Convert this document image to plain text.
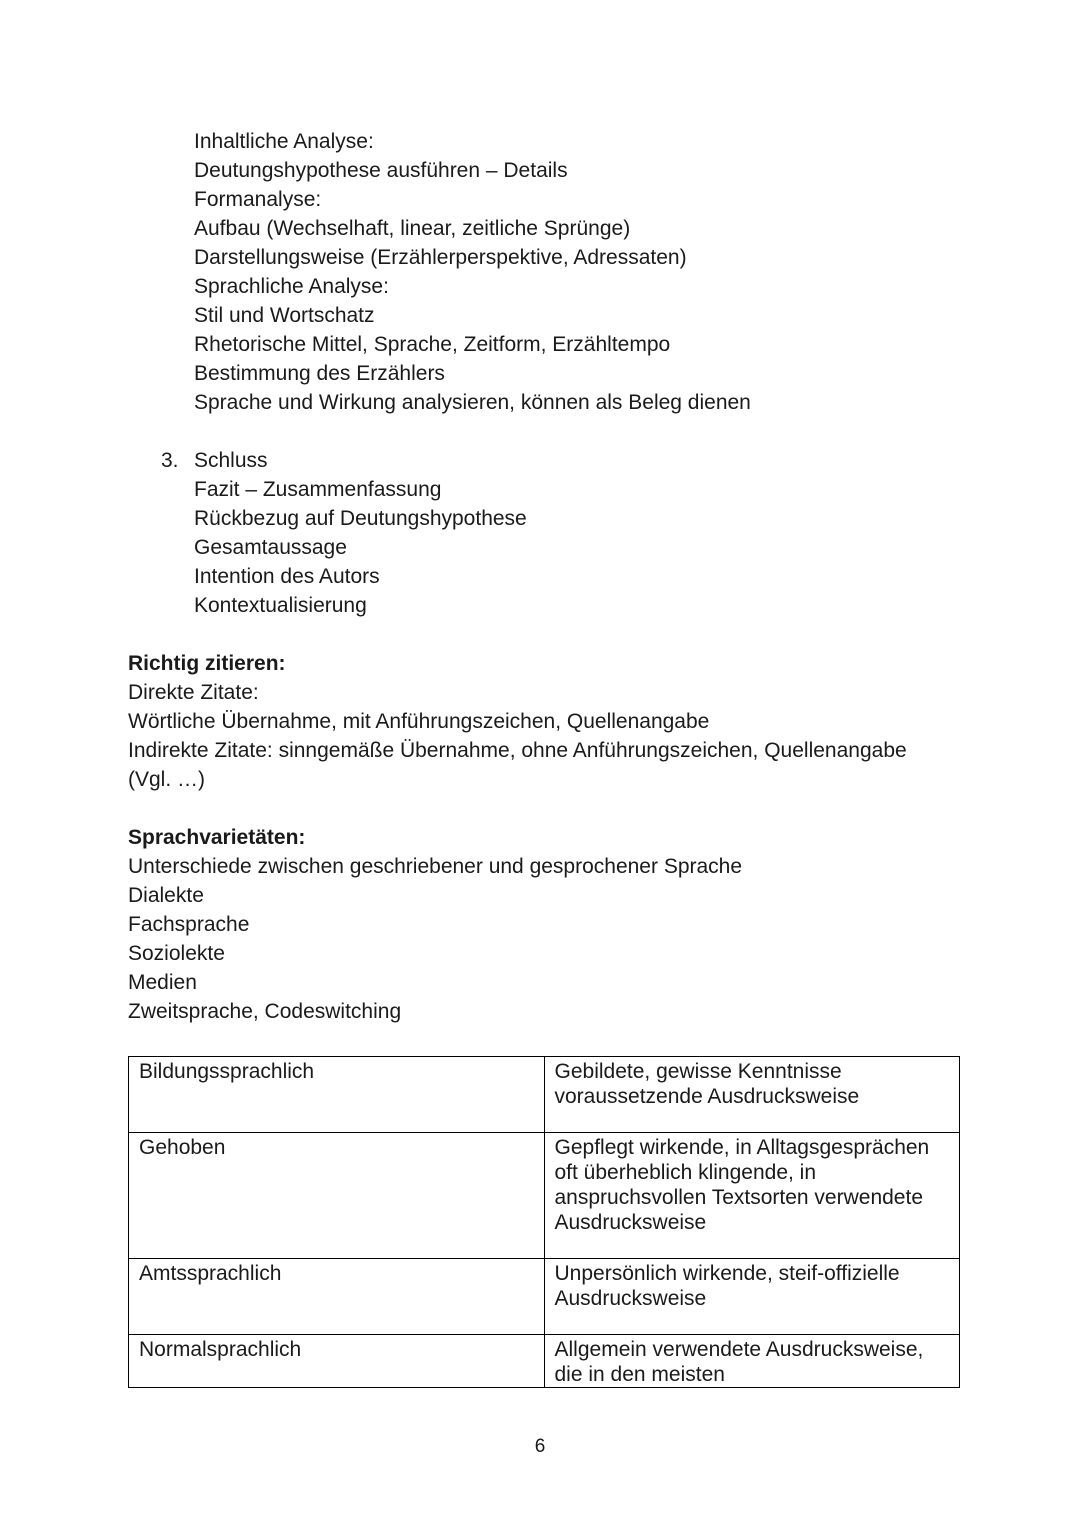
Inhaltliche Analyse:
Deutungshypothese ausführen – Details
Formanalyse:
Aufbau (Wechselhaft, linear, zeitliche Sprünge)
Darstellungsweise (Erzählerperspektive, Adressaten)
Sprachliche Analyse:
Stil und Wortschatz
Rhetorische Mittel, Sprache, Zeitform, Erzähltempo
Bestimmung des Erzählers
Sprache und Wirkung analysieren, können als Beleg dienen
3. Schluss
Fazit – Zusammenfassung
Rückbezug auf Deutungshypothese
Gesamtaussage
Intention des Autors
Kontextualisierung
Richtig zitieren:
Direkte Zitate:
Wörtliche Übernahme, mit Anführungszeichen, Quellenangabe
Indirekte Zitate: sinngemäße Übernahme, ohne Anführungszeichen, Quellenangabe
(Vgl. …)
Sprachvarietäten:
Unterschiede zwischen geschriebener und gesprochener Sprache
Dialekte
Fachsprache
Soziolekte
Medien
Zweitsprache, Codeswitching
Bildungssprachlich	Gebildete, gewisse Kenntnisse voraussetzende Ausdrucksweise
Gehoben	Gepflegt wirkende, in Alltagsgesprächen oft überheblich klingende, in anspruchsvollen Textsorten verwendete Ausdrucksweise
Amtssprachlich	Unpersönlich wirkende, steif-offizielle Ausdrucksweise
Normalsprachlich	Allgemein verwendete Ausdrucksweise, die in den meisten
6
